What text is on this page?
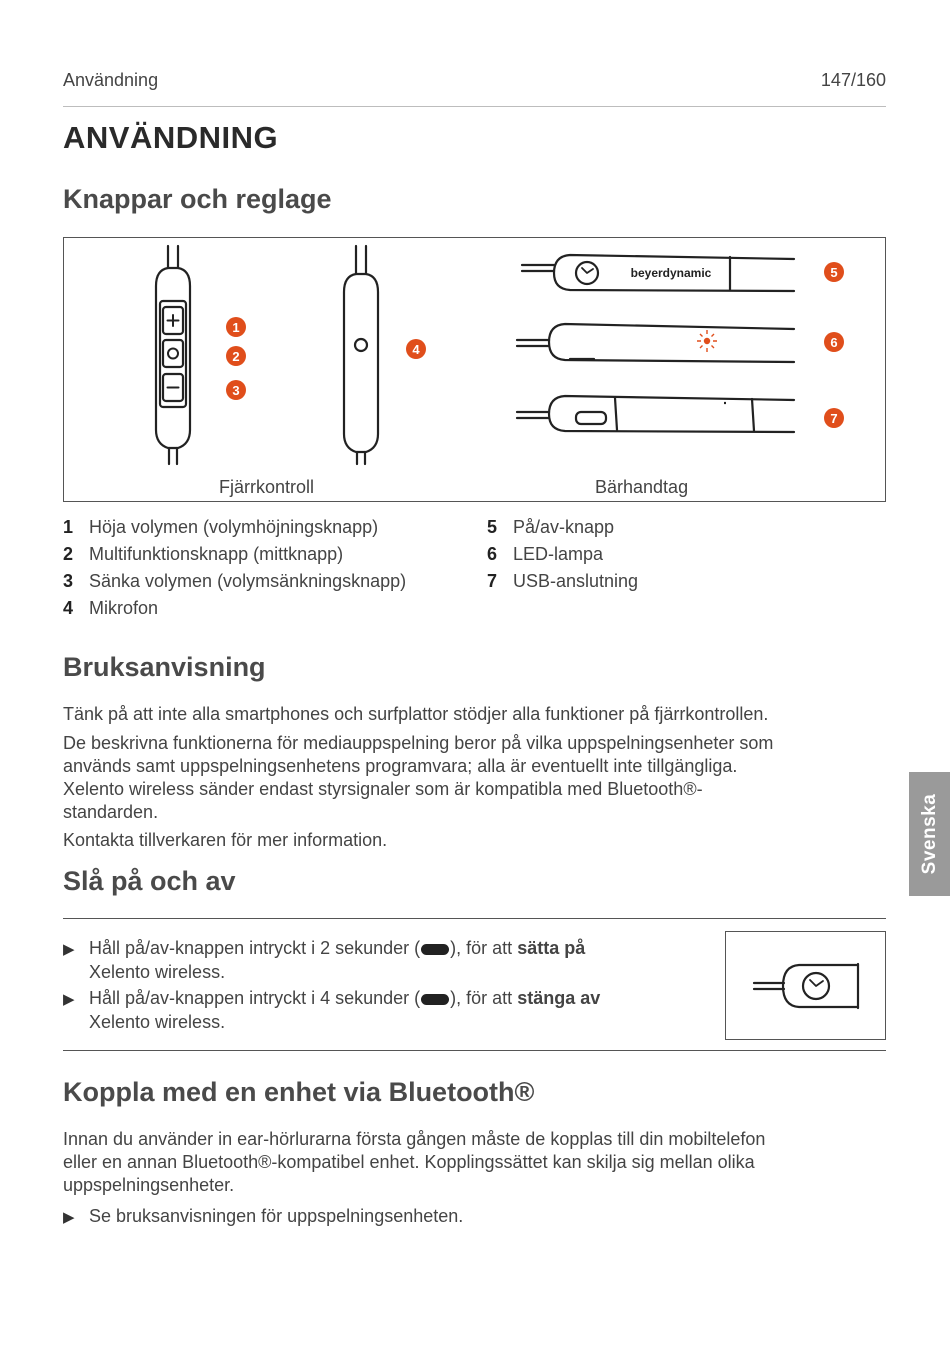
Användning	147/160
ANVÄNDNING
Knappar och reglage
beyerdynamic
1
2
3
4
5
6
7
Fjärrkontroll	Bärhandtag
1 Höja volymen (volymhöjningsknapp)
2 Multifunktionsknapp (mittknapp)
3 Sänka volymen (volymsänkningsknapp)
4 Mikrofon
5 På/av-knapp
6 LED-lampa
7 USB-anslutning
Bruksanvisning
Tänk på att inte alla smartphones och surfplattor stödjer alla funktioner på fjärrkontrollen.
De beskrivna funktionerna för mediauppspelning beror på vilka uppspelningsenheter som
används samt uppspelningsenhetens programvara; alla är eventuellt inte tillgängliga.
Xelento wireless sänder endast styrsignaler som är kompatibla med Bluetooth®-
standarden.
Kontakta tillverkaren för mer information.
Slå på och av
▶ Håll på/av-knappen intryckt i 2 sekunder ( ), för att sätta på
Xelento wireless.
▶ Håll på/av-knappen intryckt i 4 sekunder ( ), för att stänga av
Xelento wireless.
Koppla med en enhet via Bluetooth®
Innan du använder in ear-hörlurarna första gången måste de kopplas till din mobiltelefon
eller en annan Bluetooth®-kompatibel enhet. Kopplingssättet kan skilja sig mellan olika
uppspelningsenheter.
▶ Se bruksanvisningen för uppspelningsenheten.
Svenska
